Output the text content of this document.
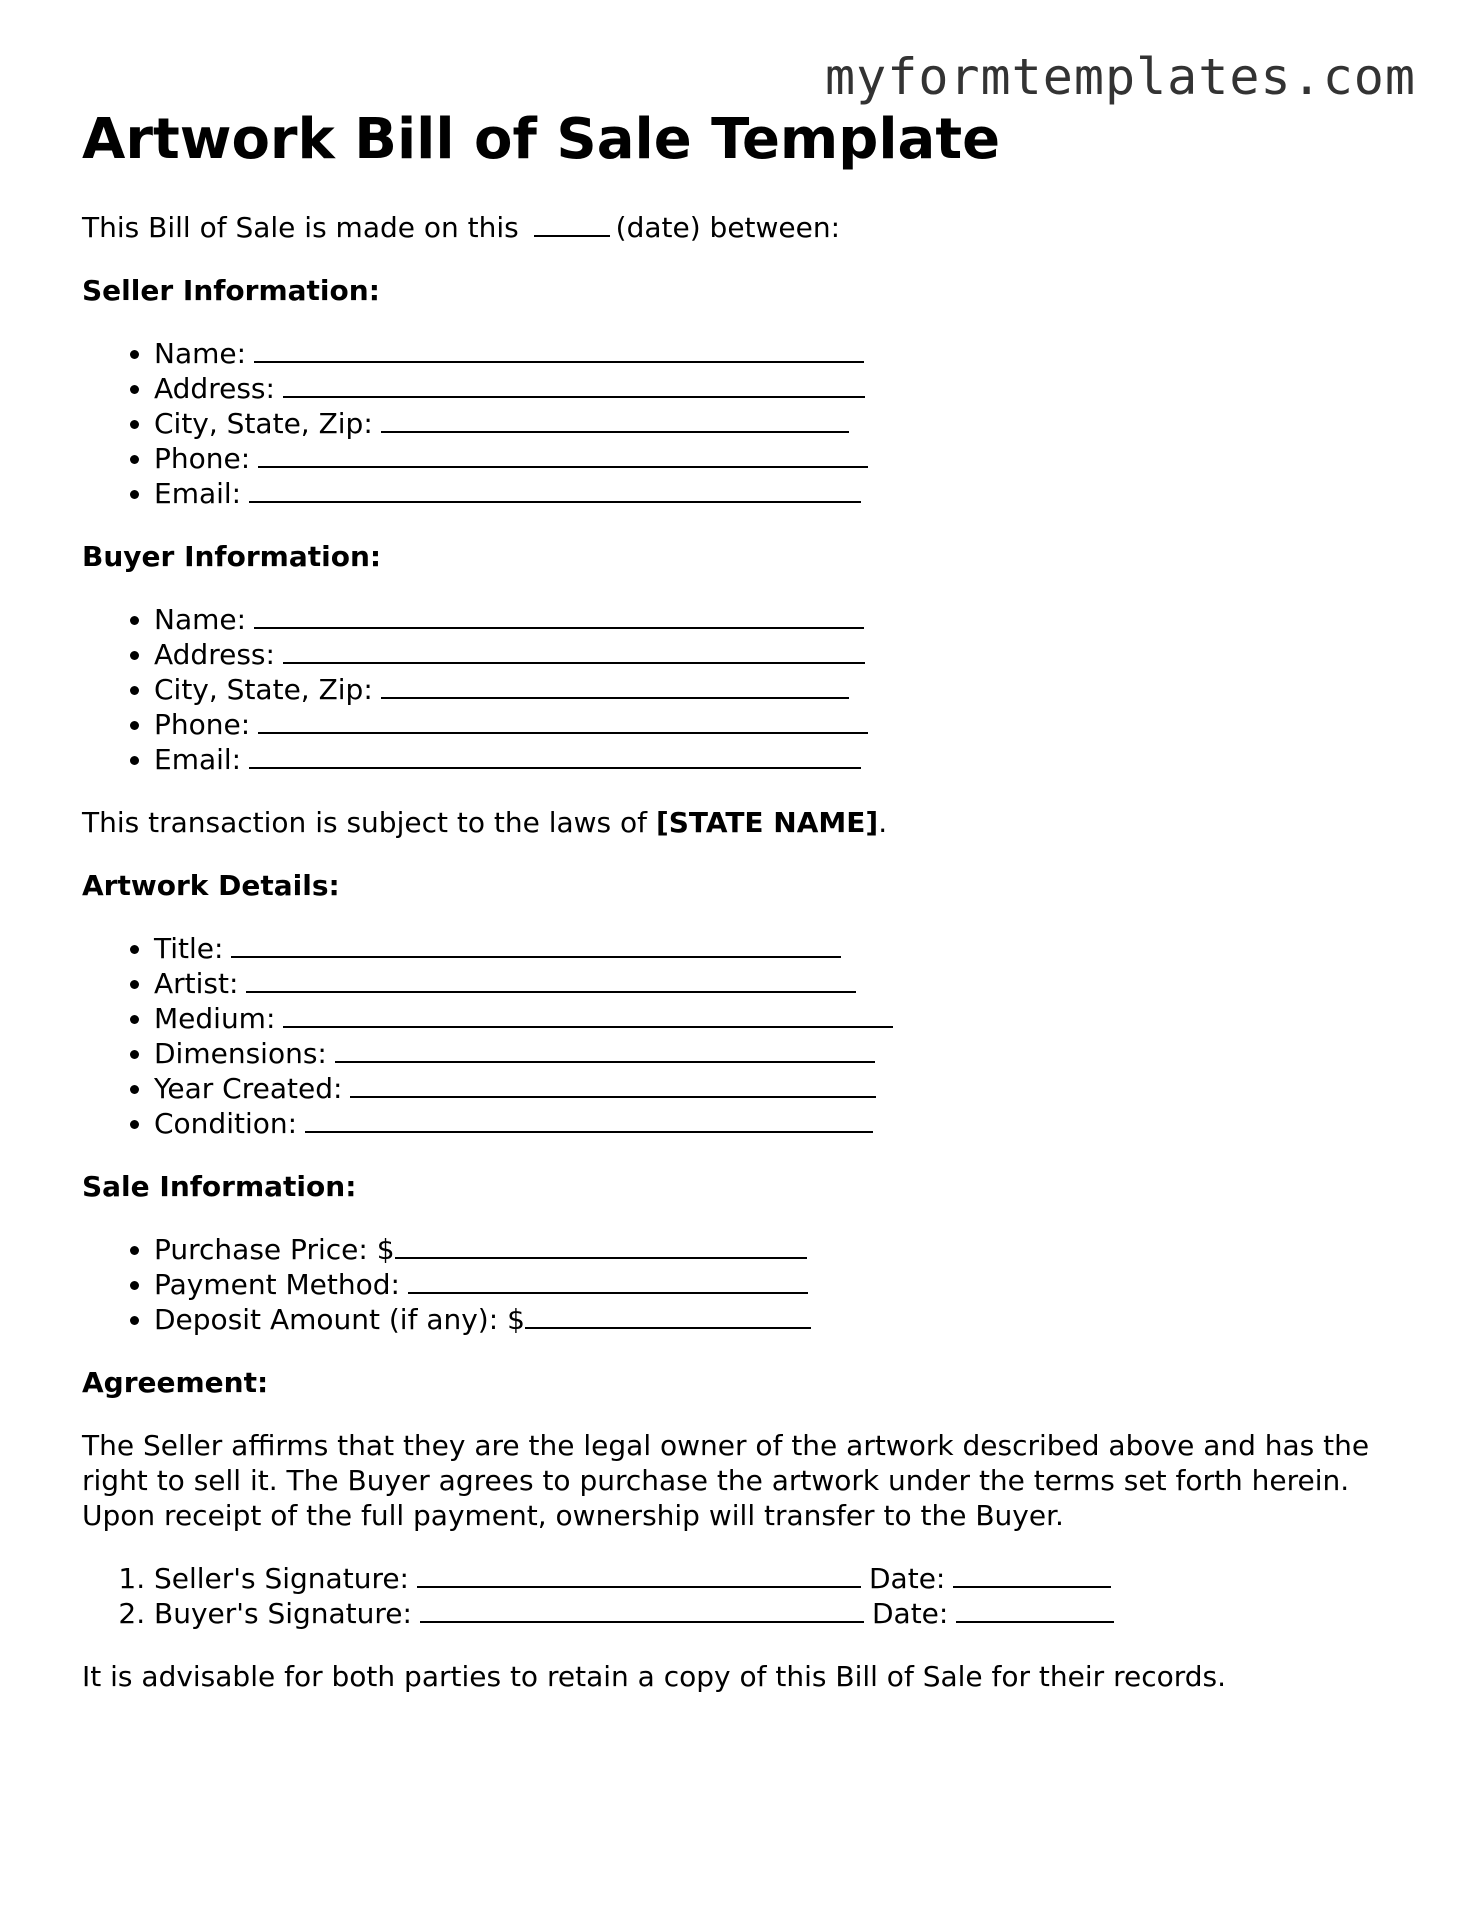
myformtemplates.com
Artwork Bill of Sale Template

This Bill of Sale is made on this	(date) between:

Seller Information:
• Name:
• Address:
• City, State, Zip:
• Phone:
• Email:
Buyer Information:
• Name:
• Address:
• City, State, Zip:
• Phone:
• Email:

This transaction is subject to the laws of [STATE NAME].

Artwork Details:
• Title:
• Artist:
• Medium:
• Dimensions:
• Year Created:
• Condition:
Sale Information:
• Purchase Price: $
• Payment Method:
• Deposit Amount (if any): $
Agreement:

The Seller affirms that they are the legal owner of the artwork described above and has the right to sell it. The Buyer agrees to purchase the artwork under the terms set forth herein. Upon receipt of the full payment, ownership will transfer to the Buyer.

1. Seller's Signature:	Date:
2. Buyer's Signature:	Date:

It is advisable for both parties to retain a copy of this Bill of Sale for their records.
